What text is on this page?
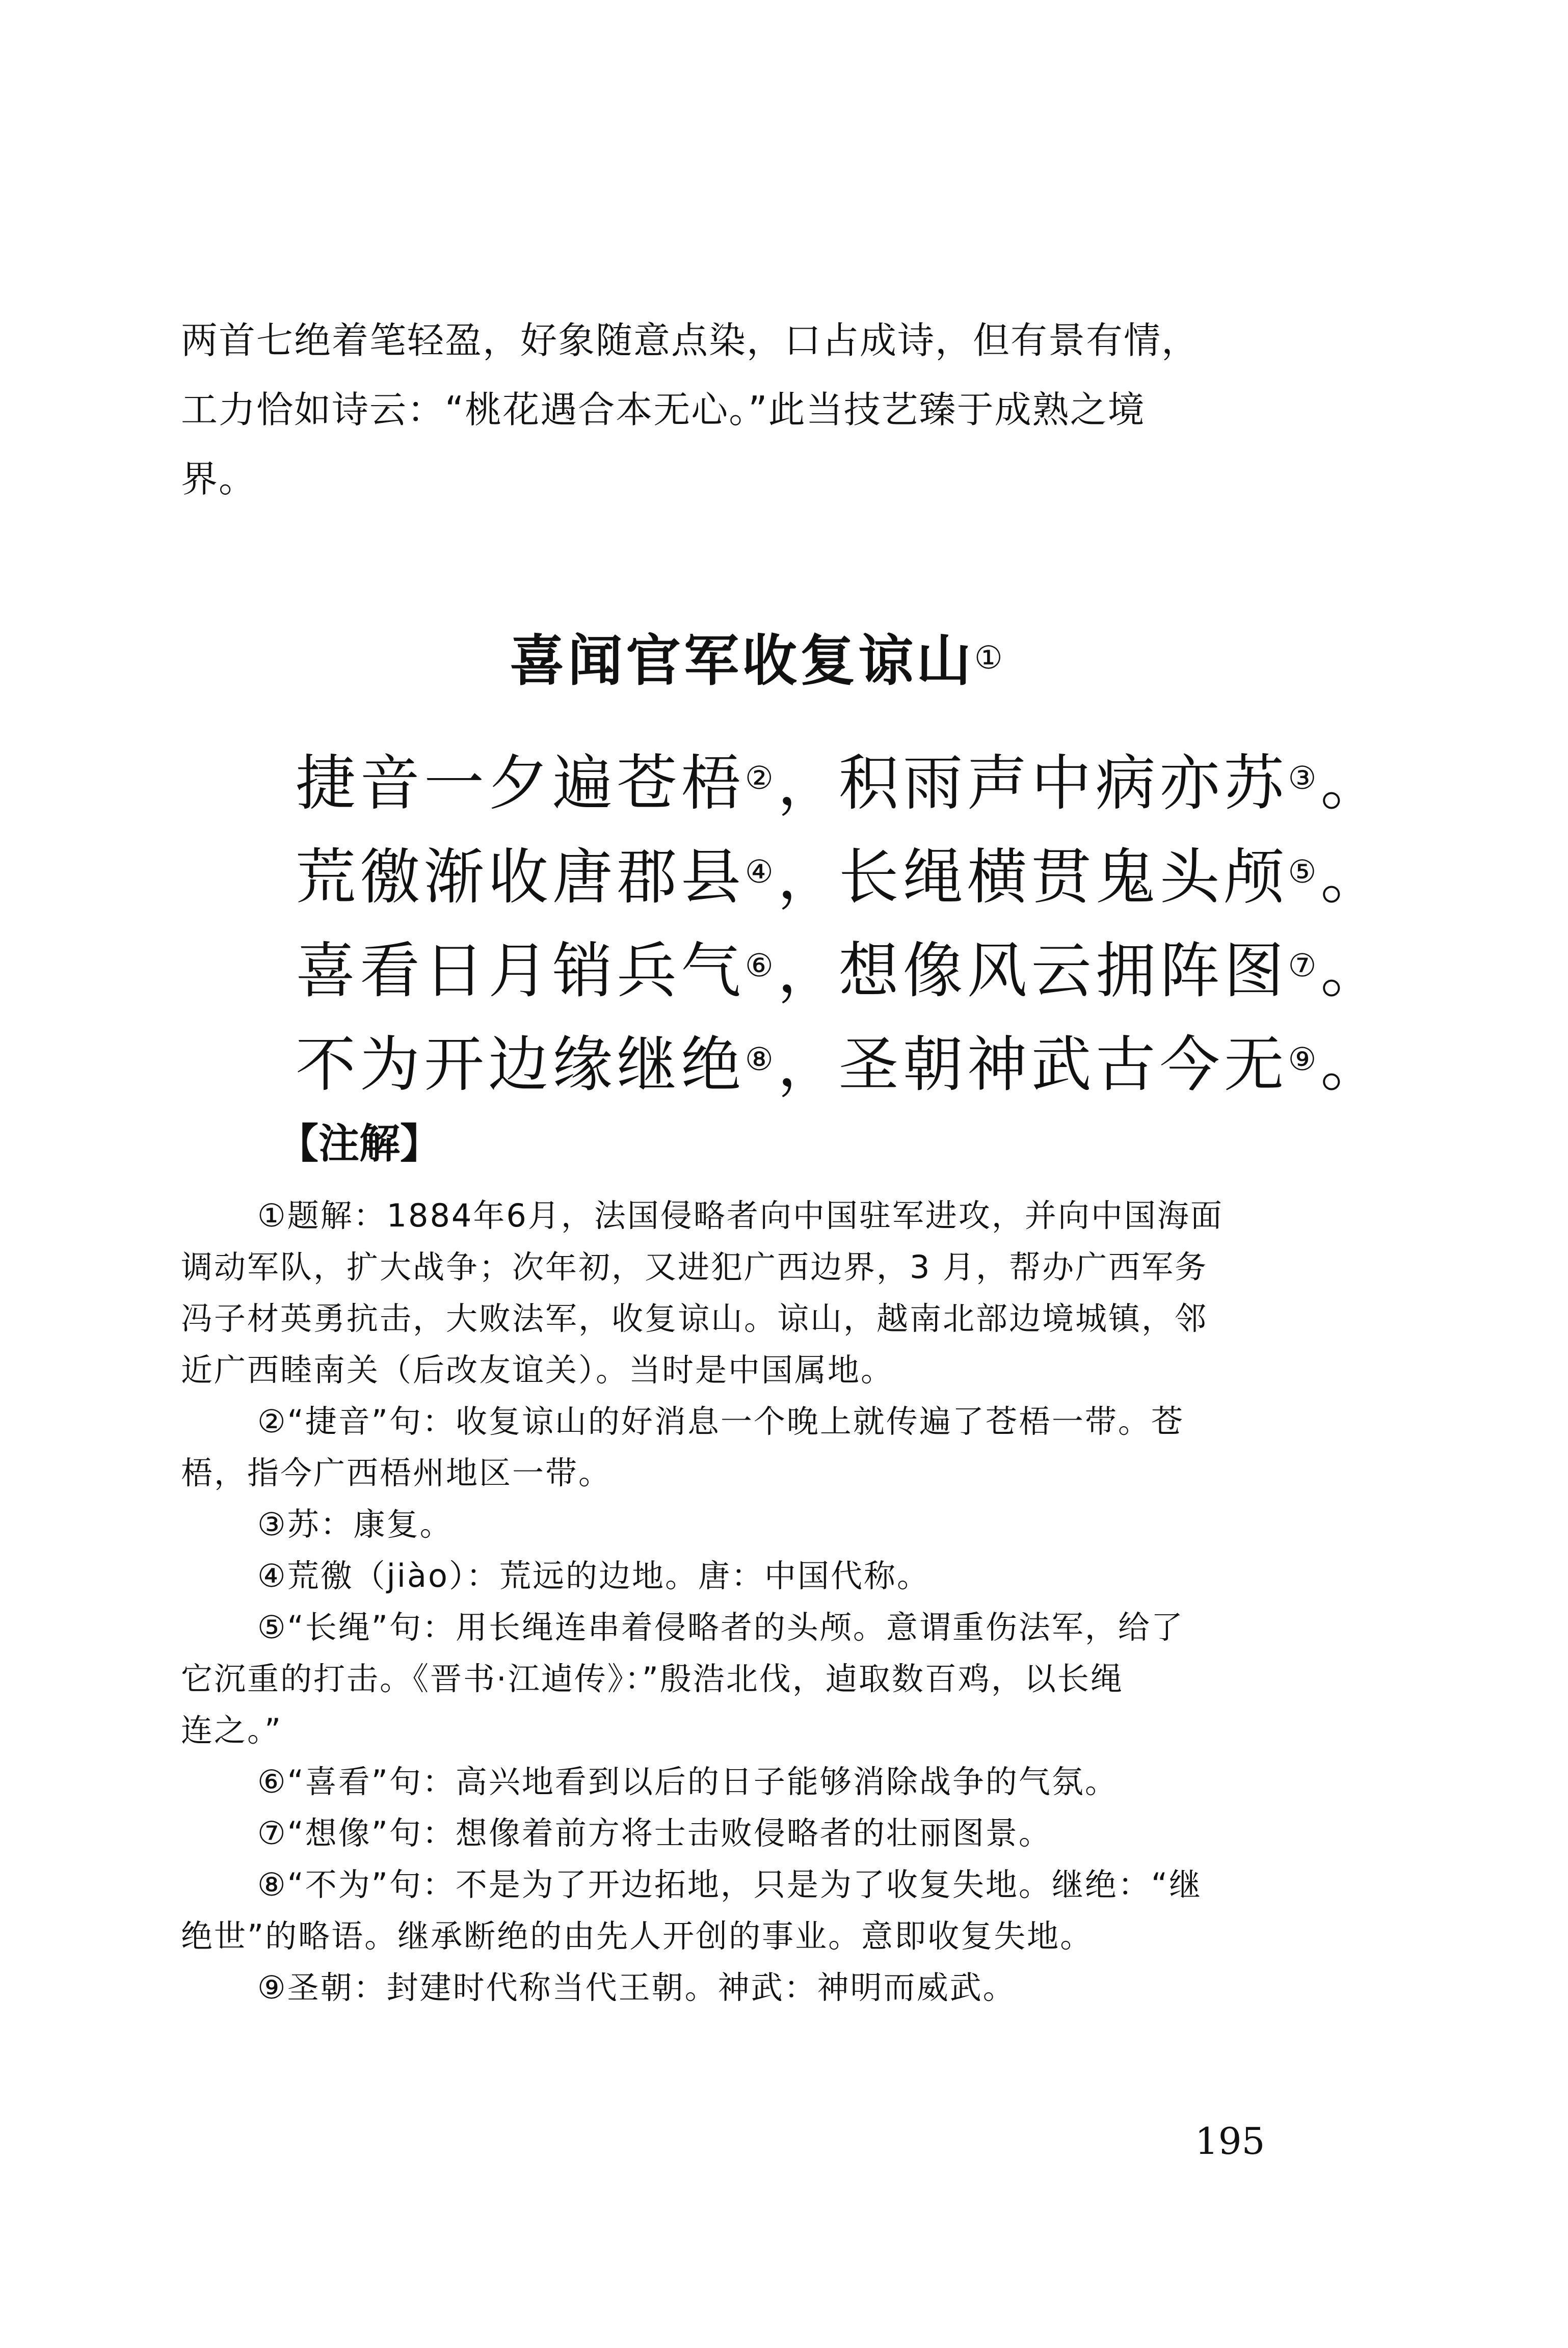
两首七绝着笔轻盈，好象随意点染，口占成诗，但有景有情，

工力恰如诗云：“桃花遇合本无心。”此当技艺臻于成熟之境

界。

喜闻官军收复谅山①
捷音一夕遍苍梧②，积雨声中病亦苏③。
荒徼渐收唐郡县④，长绳横贯鬼头颅⑤。
喜看日月销兵气⑥，想像风云拥阵图⑦。
不为开边缘继绝⑧，圣朝神武古今无⑨。
【注解】
①题解：1884年6月，法国侵略者向中国驻军进攻，并向中国海面
调动军队，扩大战争；次年初，又进犯广西边界，3 月，帮办广西军务
冯子材英勇抗击，大败法军，收复谅山。谅山，越南北部边境城镇，邻
近广西睦南关（后改友谊关）。当时是中国属地。
②“捷音”句：收复谅山的好消息一个晚上就传遍了苍梧一带。苍
梧，指今广西梧州地区一带。
③苏：康复。
④荒徼（jiào）：荒远的边地。唐：中国代称。
⑤“长绳”句：用长绳连串着侵略者的头颅。意谓重伤法军，给了
它沉重的打击。《晋书·江逌传》：”殷浩北伐，逌取数百鸡，以长绳
连之。”
⑥“喜看”句：高兴地看到以后的日子能够消除战争的气氛。
⑦“想像”句：想像着前方将士击败侵略者的壮丽图景。
⑧“不为”句：不是为了开边拓地，只是为了收复失地。继绝：“继
绝世”的略语。继承断绝的由先人开创的事业。意即收复失地。
⑨圣朝：封建时代称当代王朝。神武：神明而威武。
195
